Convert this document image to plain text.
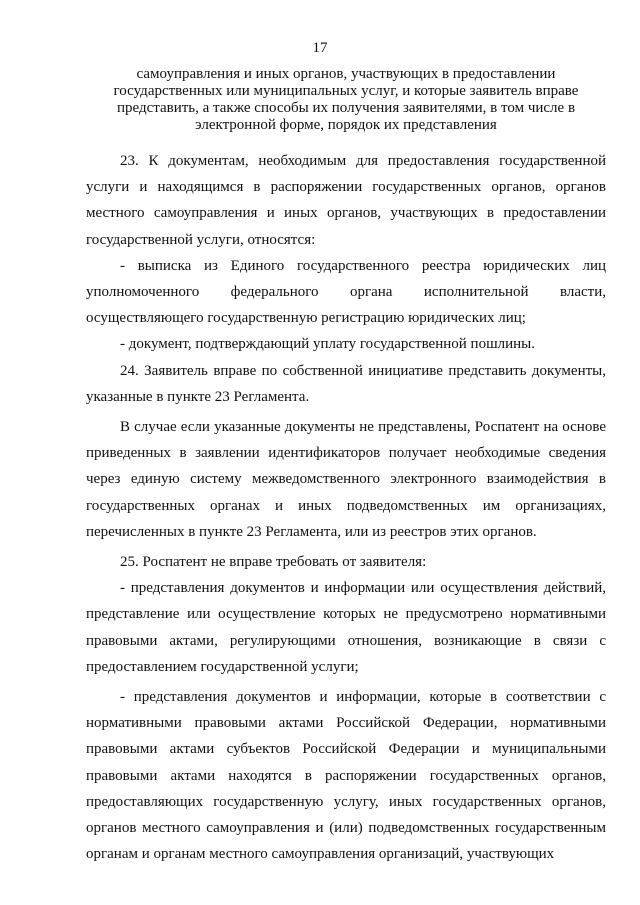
17
самоуправления и иных органов, участвующих в предоставлении государственных или муниципальных услуг, и которые заявитель вправе представить, а также способы их получения заявителями, в том числе в электронной форме, порядок их представления

23. К документам, необходимым для предоставления государственной услуги и находящимся в распоряжении государственных органов, органов местного самоуправления и иных органов, участвующих в предоставлении государственной услуги, относятся:

- выписка из Единого государственного реестра юридических лиц уполномоченного федерального органа исполнительной власти, осуществляющего государственную регистрацию юридических лиц;

- документ, подтверждающий уплату государственной пошлины.

24. Заявитель вправе по собственной инициативе представить документы, указанные в пункте 23 Регламента.

В случае если указанные документы не представлены, Роспатент на основе приведенных в заявлении идентификаторов получает необходимые сведения через единую систему межведомственного электронного взаимодействия в государственных органах и иных подведомственных им организациях, перечисленных в пункте 23 Регламента, или из реестров этих органов.

25. Роспатент не вправе требовать от заявителя:

- представления документов и информации или осуществления действий, представление или осуществление которых не предусмотрено нормативными правовыми актами, регулирующими отношения, возникающие в связи с предоставлением государственной услуги;

- представления документов и информации, которые в соответствии с нормативными правовыми актами Российской Федерации, нормативными правовыми актами субъектов Российской Федерации и муниципальными правовыми актами находятся в распоряжении государственных органов, предоставляющих государственную услугу, иных государственных органов, органов местного самоуправления и (или) подведомственных государственным органам и органам местного самоуправления организаций, участвующих
